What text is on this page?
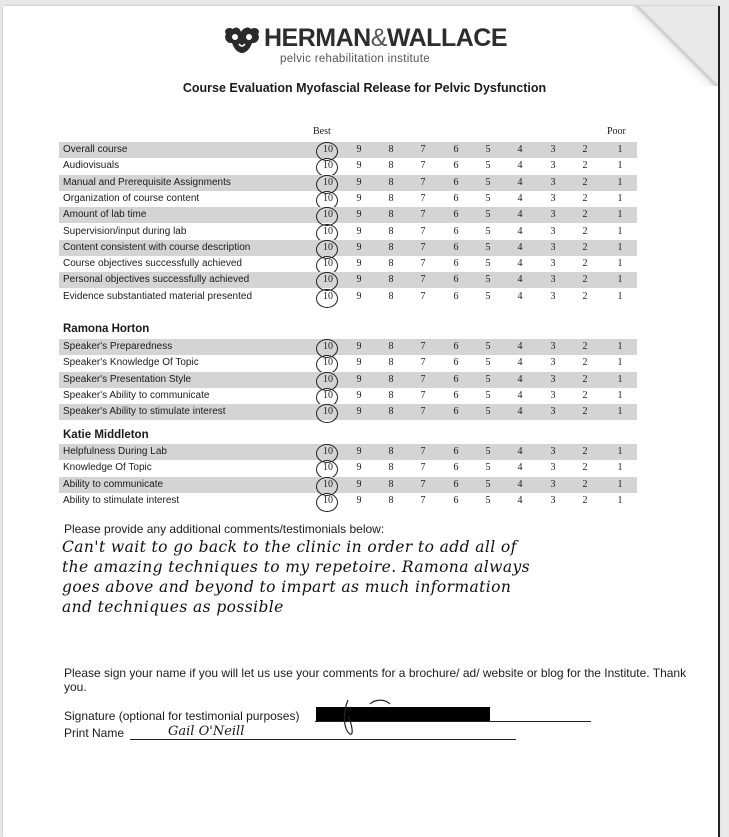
HERMAN&WALLACE
pelvic rehabilitation institute
Course Evaluation Myofascial Release for Pelvic Dysfunction
Best	Poor
Overall course	10	9	8	7	6	5	4	3	2	1
Audiovisuals	10	9	8	7	6	5	4	3	2	1
Manual and Prerequisite Assignments	10	9	8	7	6	5	4	3	2	1
Organization of course content	10	9	8	7	6	5	4	3	2	1
Amount of lab time	10	9	8	7	6	5	4	3	2	1
Supervision/input during lab	10	9	8	7	6	5	4	3	2	1
Content consistent with course description	10	9	8	7	6	5	4	3	2	1
Course objectives successfully achieved	10	9	8	7	6	5	4	3	2	1
Personal objectives successfully achieved	10	9	8	7	6	5	4	3	2	1
Evidence substantiated material presented	10	9	8	7	6	5	4	3	2	1
Ramona Horton
Speaker's Preparedness	10	9	8	7	6	5	4	3	2	1
Speaker's Knowledge Of Topic	10	9	8	7	6	5	4	3	2	1
Speaker's Presentation Style	10	9	8	7	6	5	4	3	2	1
Speaker's Ability to communicate	10	9	8	7	6	5	4	3	2	1
Speaker's Ability to stimulate interest	10	9	8	7	6	5	4	3	2	1
Katie Middleton
Helpfulness During Lab	10	9	8	7	6	5	4	3	2	1
Knowledge Of Topic	10	9	8	7	6	5	4	3	2	1
Ability to communicate	10	9	8	7	6	5	4	3	2	1
Ability to stimulate interest	10	9	8	7	6	5	4	3	2	1
Please provide any additional comments/testimonials below:
Can't wait to go back to the clinic in order to add all of
the amazing techniques to my repetoire. Ramona always
goes above and beyond to impart as much information
and techniques as possible
Please sign your name if you will let us use your comments for a brochure/ ad/ website or blog for the Institute. Thank you.
Signature (optional for testimonial purposes)
Print Name	Gail O'Neill
